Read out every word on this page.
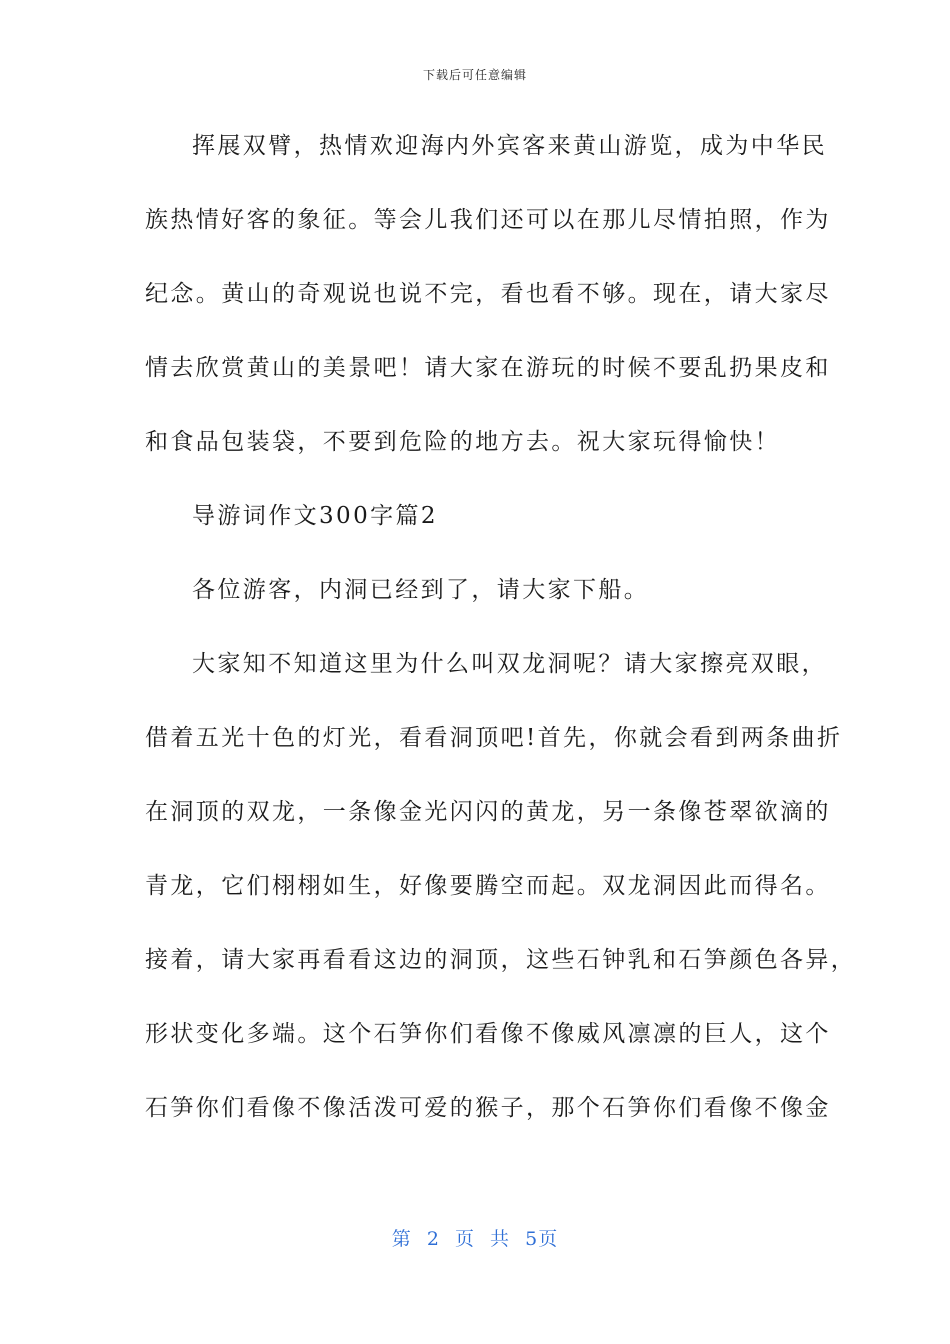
下载后可任意编辑
挥展双臂，热情欢迎海内外宾客来黄山游览，成为中华民
族热情好客的象征。等会儿我们还可以在那儿尽情拍照，作为
纪念。黄山的奇观说也说不完，看也看不够。现在，请大家尽
情去欣赏黄山的美景吧！请大家在游玩的时候不要乱扔果皮和
和食品包装袋，不要到危险的地方去。祝大家玩得愉快！
导游词作文300字篇2
各位游客，内洞已经到了，请大家下船。
大家知不知道这里为什么叫双龙洞呢？请大家擦亮双眼，
借着五光十色的灯光，看看洞顶吧!首先，你就会看到两条曲折
在洞顶的双龙，一条像金光闪闪的黄龙，另一条像苍翠欲滴的
青龙，它们栩栩如生，好像要腾空而起。双龙洞因此而得名。
接着，请大家再看看这边的洞顶，这些石钟乳和石笋颜色各异，
形状变化多端。这个石笋你们看像不像威风凛凛的巨人，这个
石笋你们看像不像活泼可爱的猴子，那个石笋你们看像不像金
第 2 页 共 5页
